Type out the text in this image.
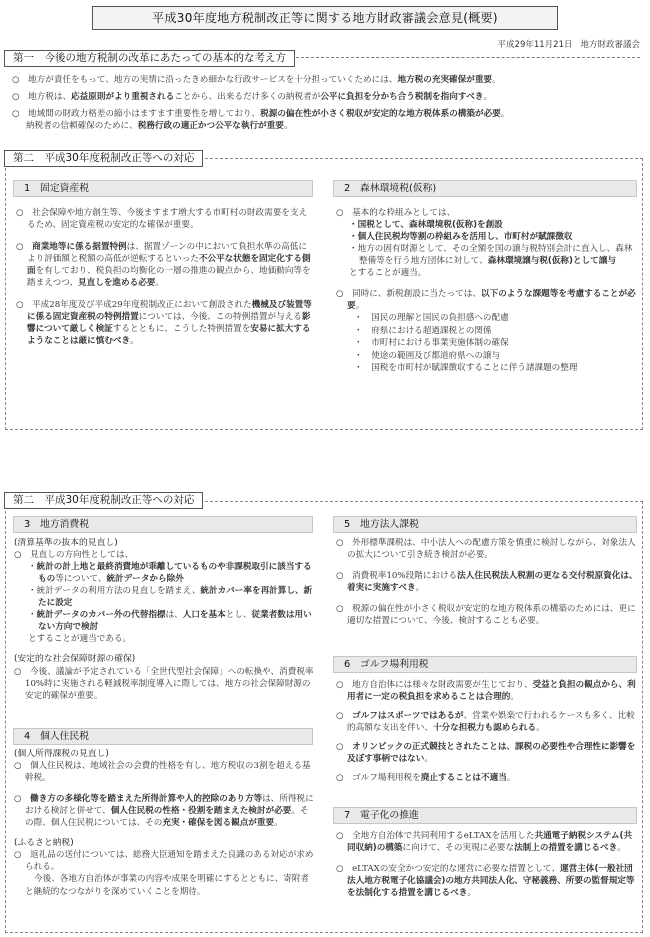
平成30年度地方税制改正等に関する地方財政審議会意見(概要)
平成29年11月21日 地方財政審議会
第一　今後の地方税制の改革にあたっての基本的な考え方
○　地方が責任をもって、地方の実情に沿ったきめ細かな行政サービスを十分担っていくためには、地方税の充実確保が重要。
○　地方税は、応益原則がより重視されることから、出来るだけ多くの納税者が公平に負担を分かち合う税制を指向すべき。
○　地域間の財政力格差の縮小はますます重要性を増しており、税源の偏在性が小さく税収が安定的な地方税体系の構築が必要。
納税者の信頼確保のために、税務行政の適正かつ公平な執行が重要。
第二　平成30年度税制改正等への対応
1　固定資産税
○　社会保障や地方創生等、今後ますます増大する市町村の財政需要を支えるため、固定資産税の安定的な確保が重要。
○　商業地等に係る据置特例は、据置ゾーンの中において負担水準の高低により評価額と税額の高低が逆転するといった不公平な状態を固定化する側面を有しており、税負担の均衡化の一層の推進の観点から、地価動向等を踏まえつつ、見直しを進める必要。
○　平成28年度及び平成29年度税制改正において創設された機械及び装置等に係る固定資産税の特例措置については、今後、この特例措置が与える影響について厳しく検証するとともに、こうした特例措置を安易に拡大するようなことは厳に慎むべき。
2　森林環境税(仮称)
○　基本的な枠組みとしては、
・国税として、森林環境税(仮称)を創設
・個人住民税均等割の枠組みを活用し、市町村が賦課徴収
・地方の固有財源として、その全額を国の譲与税特別会計に直入し、森林整備等を行う地方団体に対して、森林環境譲与税(仮称)として譲与
とすることが適当。
○　同時に、新税創設に当たっては、以下のような課題等を考慮することが必要。
・　国民の理解と国民の負担感への配慮
・　府県における超過課税との関係
・　市町村における事業実施体制の確保
・　使途の範囲及び都道府県への譲与
・　国税を市町村が賦課徴収することに伴う諸課題の整理
第二　平成30年度税制改正等への対応
3　地方消費税
(清算基準の抜本的見直し)
○　見直しの方向性としては、
・統計の計上地と最終消費地が乖離しているものや非課税取引に該当するもの等について、統計データから除外
・統計データの利用方法の見直しを踏まえ、統計カバー率を再計算し、新たに設定
・統計データのカバー外の代替指標は、人口を基本とし、従業者数は用いない方向で検討
とすることが適当である。
(安定的な社会保障財源の確保)
○　今後、議論が予定されている「全世代型社会保障」への転換や、消費税率10%時に実施される軽減税率制度導入に際しては、地方の社会保障財源の安定的確保が重要。
4　個人住民税
(個人所得課税の見直し)
○　個人住民税は、地域社会の会費的性格を有し、地方税収の3割を超える基幹税。
○　働き方の多様化等を踏まえた所得計算や人的控除のあり方等は、所得税における検討と併せて、個人住民税の性格・役割を踏まえた検討が必要。その際、個人住民税については、その充実・確保を図る観点が重要。
(ふるさと納税)
○　返礼品の送付については、総務大臣通知を踏まえた良識のある対応が求められる。
今後、各地方自治体が事業の内容や成果を明確にするとともに、寄附者と継続的なつながりを深めていくことを期待。
5　地方法人課税
○　外形標準課税は、中小法人への配慮方策を慎重に検討しながら、対象法人の拡大について引き続き検討が必要。
○　消費税率10%段階における法人住民税法人税割の更なる交付税原資化は、着実に実施すべき。
○　税源の偏在性が小さく税収が安定的な地方税体系の構築のためには、更に適切な措置について、今後、検討することも必要。
6　ゴルフ場利用税
○　地方自治体には様々な財政需要が生じており、受益と負担の観点から、利用者に一定の税負担を求めることは合理的。
○　ゴルフはスポーツではあるが、営業や娯楽で行われるケースも多く、比較的高額な支出を伴い、十分な担税力も認められる。
○　オリンピックの正式競技とされたことは、課税の必要性や合理性に影響を及ぼす事柄ではない。
○　ゴルフ場利用税を廃止することは不適当。
7　電子化の推進
○　全地方自治体で共同利用するeLTAXを活用した共通電子納税システム(共同収納)の構築に向けて、その実現に必要な法制上の措置を講じるべき。
○　eLTAXの安全かつ安定的な運営に必要な措置として、運営主体(一般社団法人地方税電子化協議会)の地方共同法人化、守秘義務、所要の監督規定等を法制化する措置を講じるべき。
